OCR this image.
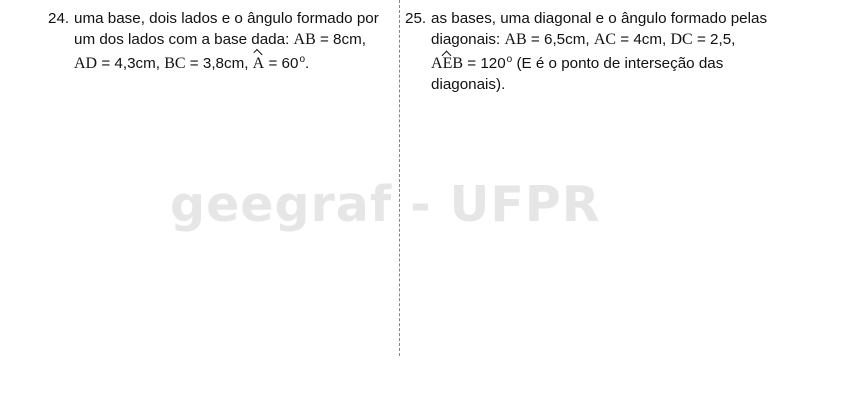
geegraf - UFPR
24. uma base, dois lados e o ângulo formado por
um dos lados com a base dada: AB = 8cm,
AD = 4,3cm, BC = 3,8cm, $A = 60^o$.
25. as bases, uma diagonal e o ângulo formado pelas
diagonais: AB = 6,5cm, AC = 4cm, DC = 2,5,
AEB = $120^o$ (E é o ponto de interseção das
diagonais).
